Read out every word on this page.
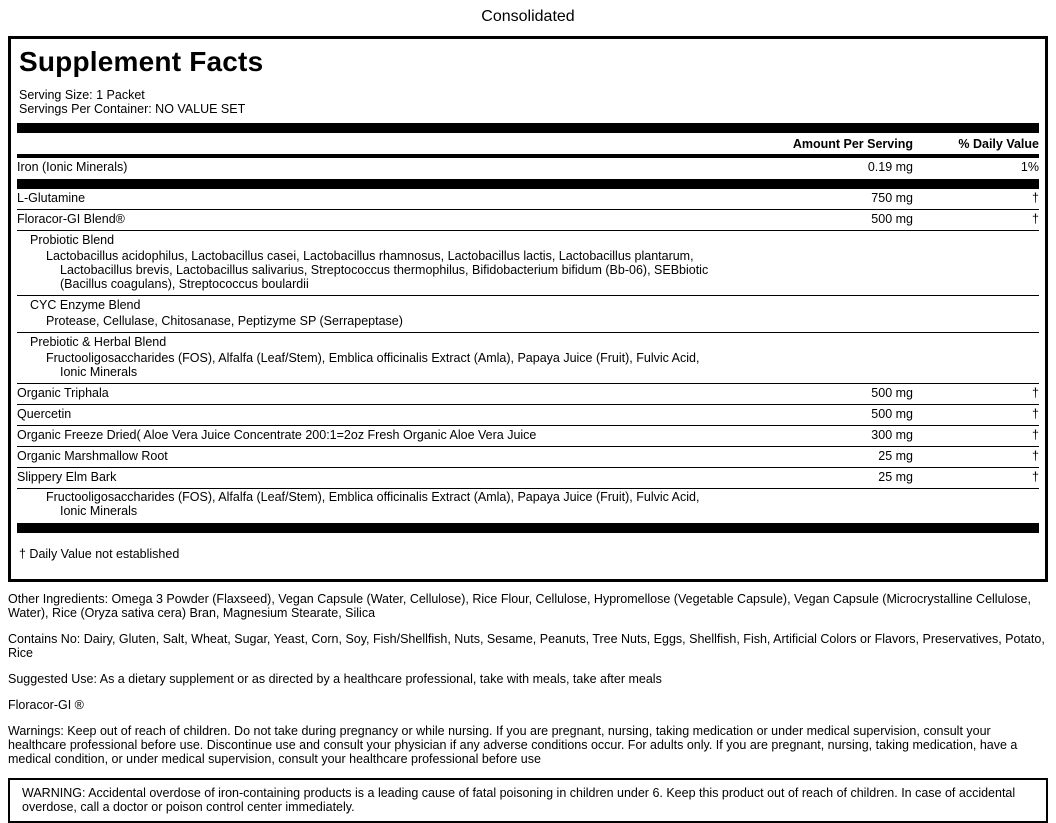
Consolidated
Supplement Facts
Serving Size: 1 Packet
Servings Per Container: NO VALUE SET
Amount Per Serving	% Daily Value
Iron (Ionic Minerals)	0.19 mg	1%
L-Glutamine	750 mg	†
Floracor-GI Blend®	500 mg	†
Probiotic Blend
Lactobacillus acidophilus, Lactobacillus casei, Lactobacillus rhamnosus, Lactobacillus lactis, Lactobacillus plantarum, Lactobacillus brevis, Lactobacillus salivarius, Streptococcus thermophilus, Bifidobacterium bifidum (Bb-06), SEBbiotic (Bacillus coagulans), Streptococcus boulardii
CYC Enzyme Blend
Protease, Cellulase, Chitosanase, Peptizyme SP (Serrapeptase)
Prebiotic & Herbal Blend
Fructooligosaccharides (FOS), Alfalfa (Leaf/Stem), Emblica officinalis Extract (Amla), Papaya Juice (Fruit), Fulvic Acid, Ionic Minerals
Organic Triphala	500 mg	†
Quercetin	500 mg	†
Organic Freeze Dried( Aloe Vera Juice Concentrate 200:1=2oz Fresh Organic Aloe Vera Juice	300 mg	†
Organic Marshmallow Root	25 mg	†
Slippery Elm Bark	25 mg	†
Fructooligosaccharides (FOS), Alfalfa (Leaf/Stem), Emblica officinalis Extract (Amla), Papaya Juice (Fruit), Fulvic Acid, Ionic Minerals
† Daily Value not established

Other Ingredients: Omega 3 Powder (Flaxseed), Vegan Capsule (Water, Cellulose), Rice Flour, Cellulose, Hypromellose (Vegetable Capsule), Vegan Capsule (Microcrystalline Cellulose, Water), Rice (Oryza sativa cera) Bran, Magnesium Stearate, Silica

Contains No: Dairy, Gluten, Salt, Wheat, Sugar, Yeast, Corn, Soy, Fish/Shellfish, Nuts, Sesame, Peanuts, Tree Nuts, Eggs, Shellfish, Fish, Artificial Colors or Flavors, Preservatives, Potato, Rice

Suggested Use: As a dietary supplement or as directed by a healthcare professional, take with meals, take after meals

Floracor-GI ®

Warnings: Keep out of reach of children. Do not take during pregnancy or while nursing. If you are pregnant, nursing, taking medication or under medical supervision, consult your healthcare professional before use. Discontinue use and consult your physician if any adverse conditions occur. For adults only. If you are pregnant, nursing, taking medication, have a medical condition, or under medical supervision, consult your healthcare professional before use

WARNING: Accidental overdose of iron-containing products is a leading cause of fatal poisoning in children under 6. Keep this product out of reach of children. In case of accidental overdose, call a doctor or poison control center immediately.
